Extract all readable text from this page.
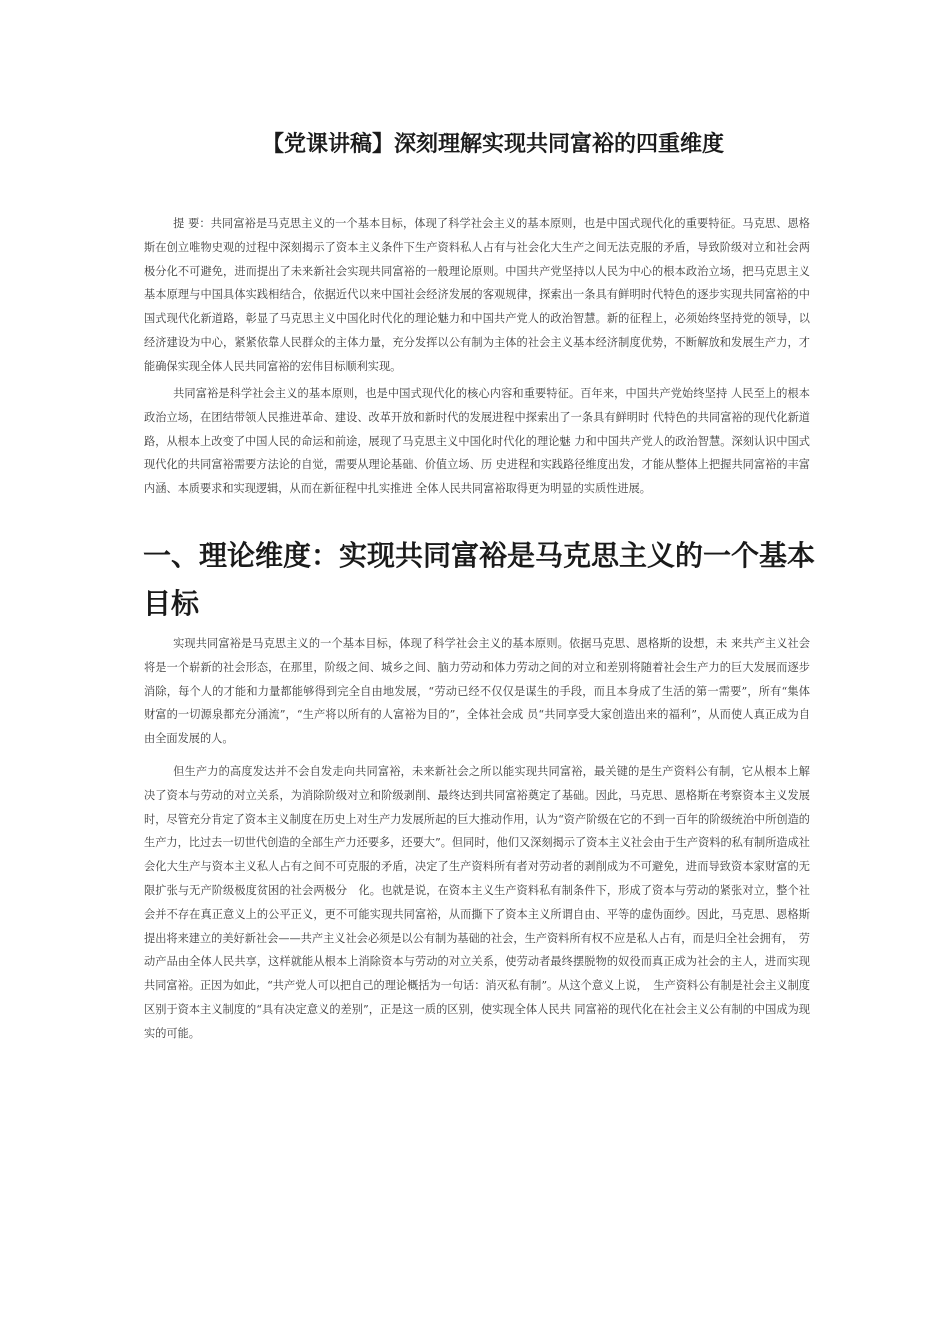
【党课讲稿】深刻理解实现共同富裕的四重维度

提 要：共同富裕是马克思主义的一个基本目标，体现了科学社会主义的基本原则，也是中国式现代化的重要特征。马克思、恩格斯在创立唯物史观的过程中深刻揭示了资本主义条件下生产资料私人占有与社会化大生产之间无法克服的矛盾，导致阶级对立和社会两极分化不可避免，进而提出了未来新社会实现共同富裕的一般理论原则。中国共产党坚持以人民为中心的根本政治立场，把马克思主义基本原理与中国具体实践相结合，依据近代以来中国社会经济发展的客观规律，探索出一条具有鲜明时代特色的逐步实现共同富裕的中国式现代化新道路，彰显了马克思主义中国化时代化的理论魅力和中国共产党人的政治智慧。新的征程上，必须始终坚持党的领导，以经济建设为中心，紧紧依靠人民群众的主体力量，充分发挥以公有制为主体的社会主义基本经济制度优势，不断解放和发展生产力，才能确保实现全体人民共同富裕的宏伟目标顺利实现。

共同富裕是科学社会主义的基本原则，也是中国式现代化的核心内容和重要特征。百年来，中国共产党始终坚持 人民至上的根本政治立场，在团结带领人民推进革命、建设、改革开放和新时代的发展进程中探索出了一条具有鲜明时 代特色的共同富裕的现代化新道路，从根本上改变了中国人民的命运和前途，展现了马克思主义中国化时代化的理论魅 力和中国共产党人的政治智慧。深刻认识中国式现代化的共同富裕需要方法论的自觉，需要从理论基础、价值立场、历 史进程和实践路径维度出发，才能从整体上把握共同富裕的丰富内涵、本质要求和实现逻辑，从而在新征程中扎实推进 全体人民共同富裕取得更为明显的实质性进展。

一、理论维度：实现共同富裕是马克思主义的一个基本目标

实现共同富裕是马克思主义的一个基本目标，体现了科学社会主义的基本原则。依据马克思、恩格斯的设想，未 来共产主义社会将是一个崭新的社会形态，在那里，阶级之间、城乡之间、脑力劳动和体力劳动之间的对立和差别将随着社会生产力的巨大发展而逐步消除，每个人的才能和力量都能够得到完全自由地发展，“劳动已经不仅仅是谋生的手段，而且本身成了生活的第一需要”，所有“集体财富的一切源泉都充分涌流”，“生产将以所有的人富裕为目的”，全体社会成 员“共同享受大家创造出来的福利”，从而使人真正成为自由全面发展的人。

但生产力的高度发达并不会自发走向共同富裕，未来新社会之所以能实现共同富裕，最关键的是生产资料公有制，它从根本上解决了资本与劳动的对立关系，为消除阶级对立和阶级剥削、最终达到共同富裕奠定了基础。因此，马克思、恩格斯在考察资本主义发展时，尽管充分肯定了资本主义制度在历史上对生产力发展所起的巨大推动作用，认为“资产阶级在它的不到一百年的阶级统治中所创造的生产力，比过去一切世代创造的全部生产力还要多，还要大”。但同时，他们又深刻揭示了资本主义社会由于生产资料的私有制所造成社会化大生产与资本主义私人占有之间不可克服的矛盾，决定了生产资料所有者对劳动者的剥削成为不可避免，进而导致资本家财富的无限扩张与无产阶级极度贫困的社会两极分　化。也就是说，在资本主义生产资料私有制条件下，形成了资本与劳动的紧张对立，整个社会并不存在真正意义上的公平正义，更不可能实现共同富裕，从而撕下了资本主义所谓自由、平等的虚伪面纱。因此，马克思、恩格斯提出将来建立的美好新社会——共产主义社会必须是以公有制为基础的社会，生产资料所有权不应是私人占有，而是归全社会拥有，　劳动产品由全体人民共享，这样就能从根本上消除资本与劳动的对立关系，使劳动者最终摆脱物的奴役而真正成为社会的主人，进而实现共同富裕。正因为如此，“共产党人可以把自己的理论概括为一句话：消灭私有制”。从这个意义上说，　生产资料公有制是社会主义制度区别于资本主义制度的“具有决定意义的差别”，正是这一质的区别，使实现全体人民共 同富裕的现代化在社会主义公有制的中国成为现实的可能。
